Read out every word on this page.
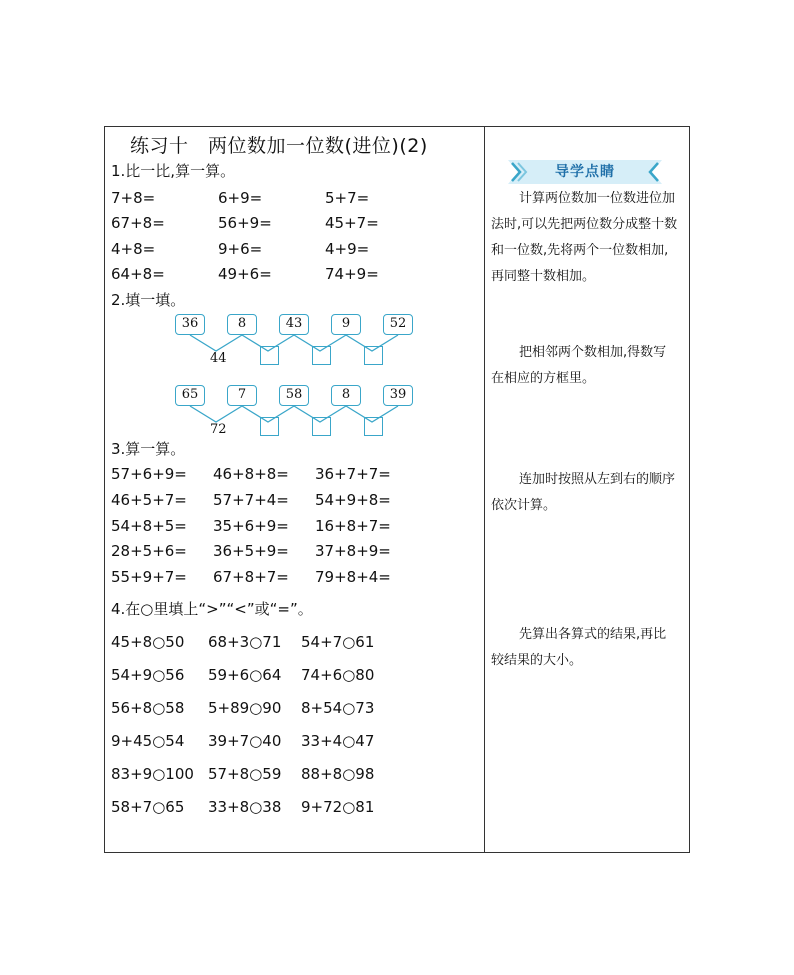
练习十　两位数加一位数(进位)(2)
1.比一比,算一算。
7+8=	6+9=	5+7=
67+8=	56+9=	45+7=
4+8=	9+6=	4+9=
64+8=	49+6=	74+9=
2.填一填。
36	8	43	9	52
44
65	7	58	8	39
72
3.算一算。
57+6+9= 46+8+8= 36+7+7=
46+5+7= 57+7+4= 54+9+8=
54+8+5= 35+6+9= 16+8+7=
28+5+6= 36+5+9= 37+8+9=
55+9+7= 67+8+7= 79+8+4=
4.在○里填上“>”“<”或“=”。
45+8○50 68+3○71 54+7○61
54+9○56 59+6○64 74+6○80
56+8○58 5+89○90 8+54○73
9+45○54 39+7○40 33+4○47
83+9○100 57+8○59 88+8○98
58+7○65 33+8○38 9+72○81
导学点睛
计算两位数加一位数进位加法时,可以先把两位数分成整十数和一位数,先将两个一位数相加,再同整十数相加。
把相邻两个数相加,得数写在相应的方框里。
连加时按照从左到右的顺序依次计算。
先算出各算式的结果,再比较结果的大小。
